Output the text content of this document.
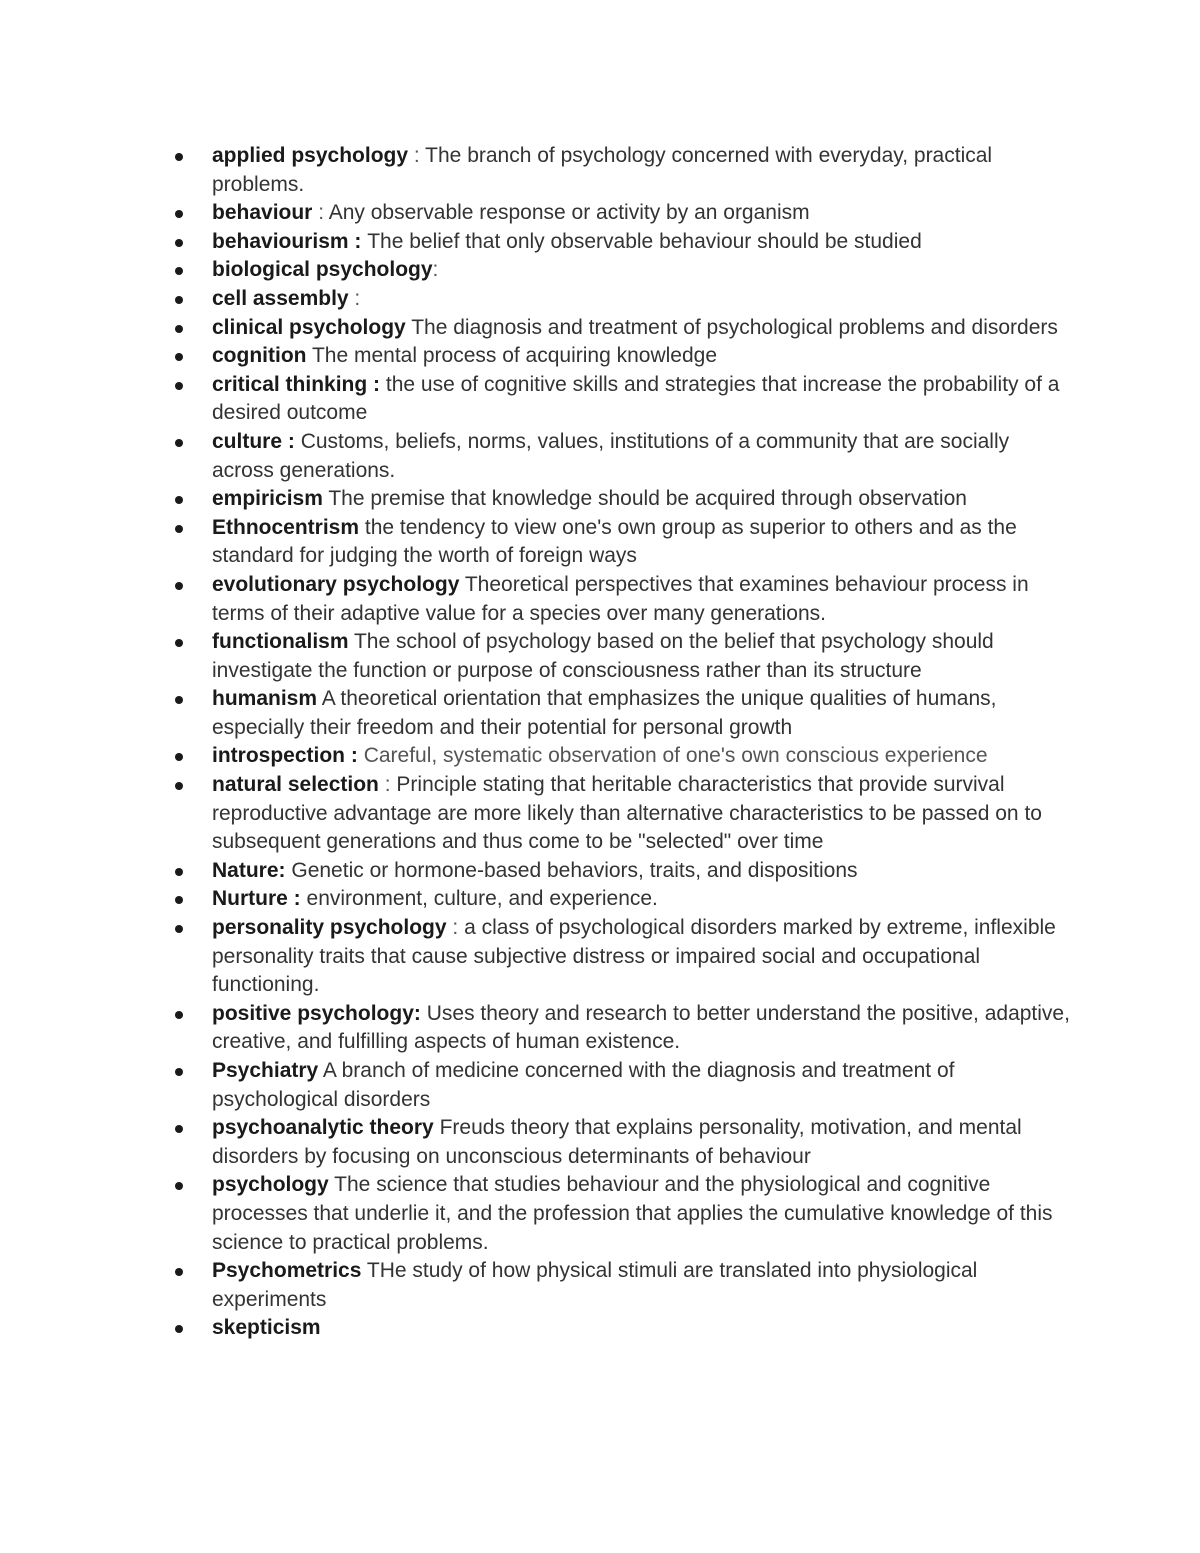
applied psychology : The branch of psychology concerned with everyday, practical problems.
behaviour : Any observable response or activity by an organism
behaviourism : The belief that only observable behaviour should be studied
biological psychology:
cell assembly :
clinical psychology The diagnosis and treatment of psychological problems and disorders
cognition The mental process of acquiring knowledge
critical thinking : the use of cognitive skills and strategies that increase the probability of a desired outcome
culture : Customs, beliefs, norms, values, institutions of a community that are socially across generations.
empiricism The premise that knowledge should be acquired through observation
Ethnocentrism the tendency to view one's own group as superior to others and as the standard for judging the worth of foreign ways
evolutionary psychology Theoretical perspectives that examines behaviour process in terms of their adaptive value for a species over many generations.
functionalism The school of psychology based on the belief that psychology should investigate the function or purpose of consciousness rather than its structure
humanism A theoretical orientation that emphasizes the unique qualities of humans, especially their freedom and their potential for personal growth
introspection : Careful, systematic observation of one's own conscious experience
natural selection : Principle stating that heritable characteristics that provide survival reproductive advantage are more likely than alternative characteristics to be passed on to subsequent generations and thus come to be "selected" over time
Nature: Genetic or hormone-based behaviors, traits, and dispositions
Nurture : environment, culture, and experience.
personality psychology : a class of psychological disorders marked by extreme, inflexible personality traits that cause subjective distress or impaired social and occupational functioning.
positive psychology: Uses theory and research to better understand the positive, adaptive, creative, and fulfilling aspects of human existence.
Psychiatry A branch of medicine concerned with the diagnosis and treatment of psychological disorders
psychoanalytic theory Freuds theory that explains personality, motivation, and mental disorders by focusing on unconscious determinants of behaviour
psychology The science that studies behaviour and the physiological and cognitive processes that underlie it, and the profession that applies the cumulative knowledge of this science to practical problems.
Psychometrics THe study of how physical stimuli are translated into physiological experiments
skepticism
